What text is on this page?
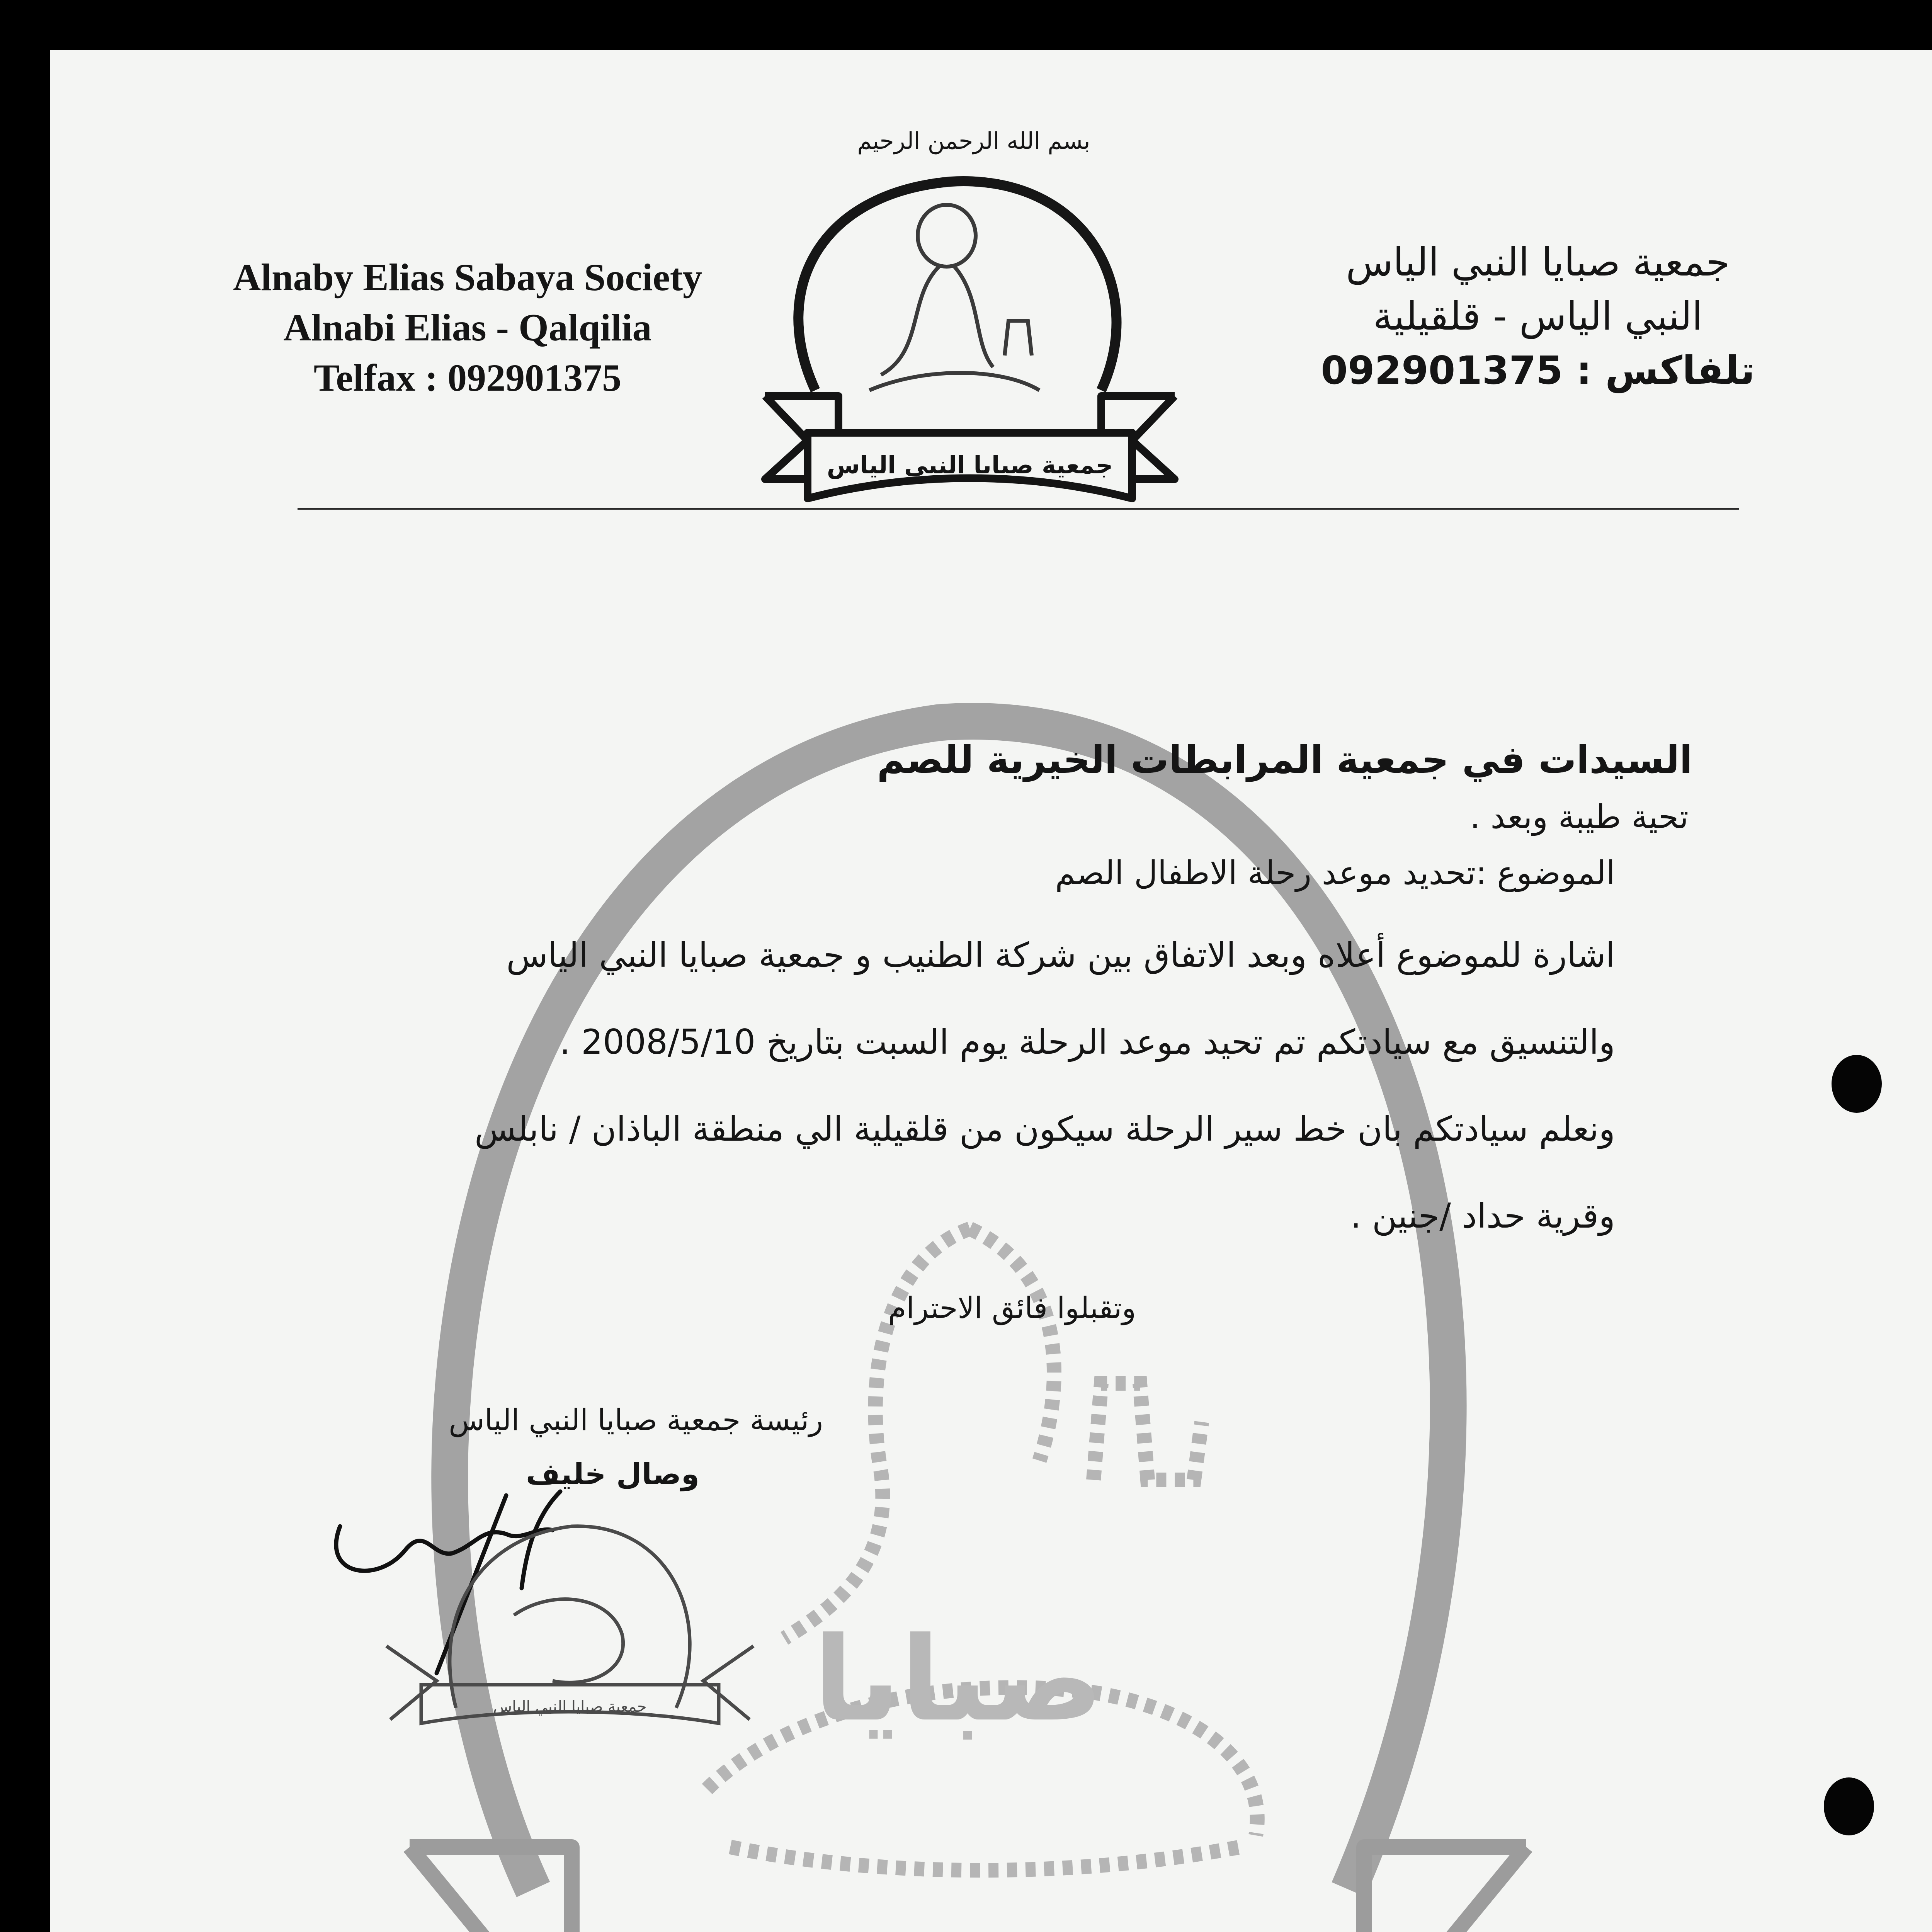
صبايا
جمعية صبايا النبي الياس
جمعية صبايا النبي الياس
بسم الله الرحمن الرحيم
Alnaby Elias Sabaya Society
Alnabi Elias - Qalqilia
Telfax : 092901375
جمعية صبايا النبي الياس
النبي الياس - قلقيلية
تلفاكس : 092901375
السيدات في جمعية المرابطات الخيرية للصم
تحية طيبة وبعد .
الموضوع :تحديد موعد رحلة الاطفال الصم
اشارة للموضوع أعلاه وبعد الاتفاق بين شركة الطنيب و جمعية صبايا النبي الياس
والتنسيق مع سيادتكم تم تحيد موعد الرحلة يوم السبت بتاريخ 2008/5/10 .
ونعلم سيادتكم بان خط سير الرحلة سيكون من قلقيلية الي منطقة الباذان / نابلس
وقرية حداد /جنين .
وتقبلوا فائق الاحترام
رئيسة جمعية صبايا النبي الياس
وصال خليف
